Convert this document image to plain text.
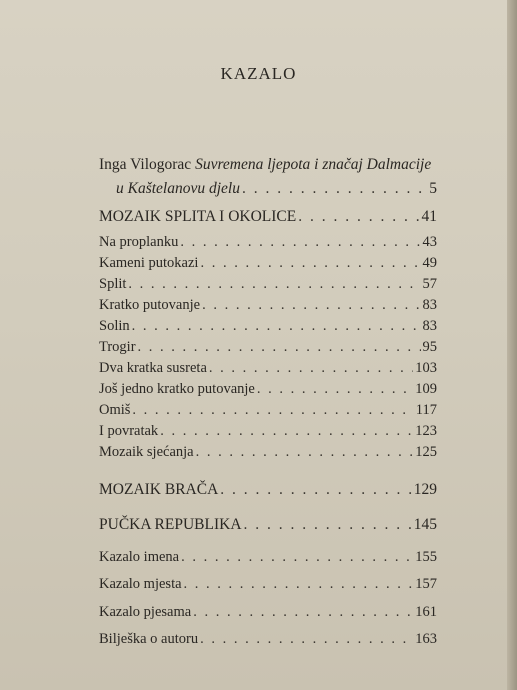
KAZALO
Inga Vilogorac Suvremena ljepota i značaj Dalmacije
u Kaštelanovu djelu . . .	5
MOZAIK SPLITA I OKOLICE . . .	41
Na proplanku . . .	43
Kameni putokazi . . .	49
Split . . .	57
Kratko putovanje . . .	83
Solin . . .	83
Trogir . . .	95
Dva kratka susreta . . .	103
Još jedno kratko putovanje . . .	109
Omiš . . .	117
I povratak . . .	123
Mozaik sjećanja . . .	125
MOZAIK BRAČA . . .	129
PUČKA REPUBLIKA . . .	145
Kazalo imena . . .	155
Kazalo mjesta . . .	157
Kazalo pjesama . . .	161
Bilješka o autoru . . .	163
